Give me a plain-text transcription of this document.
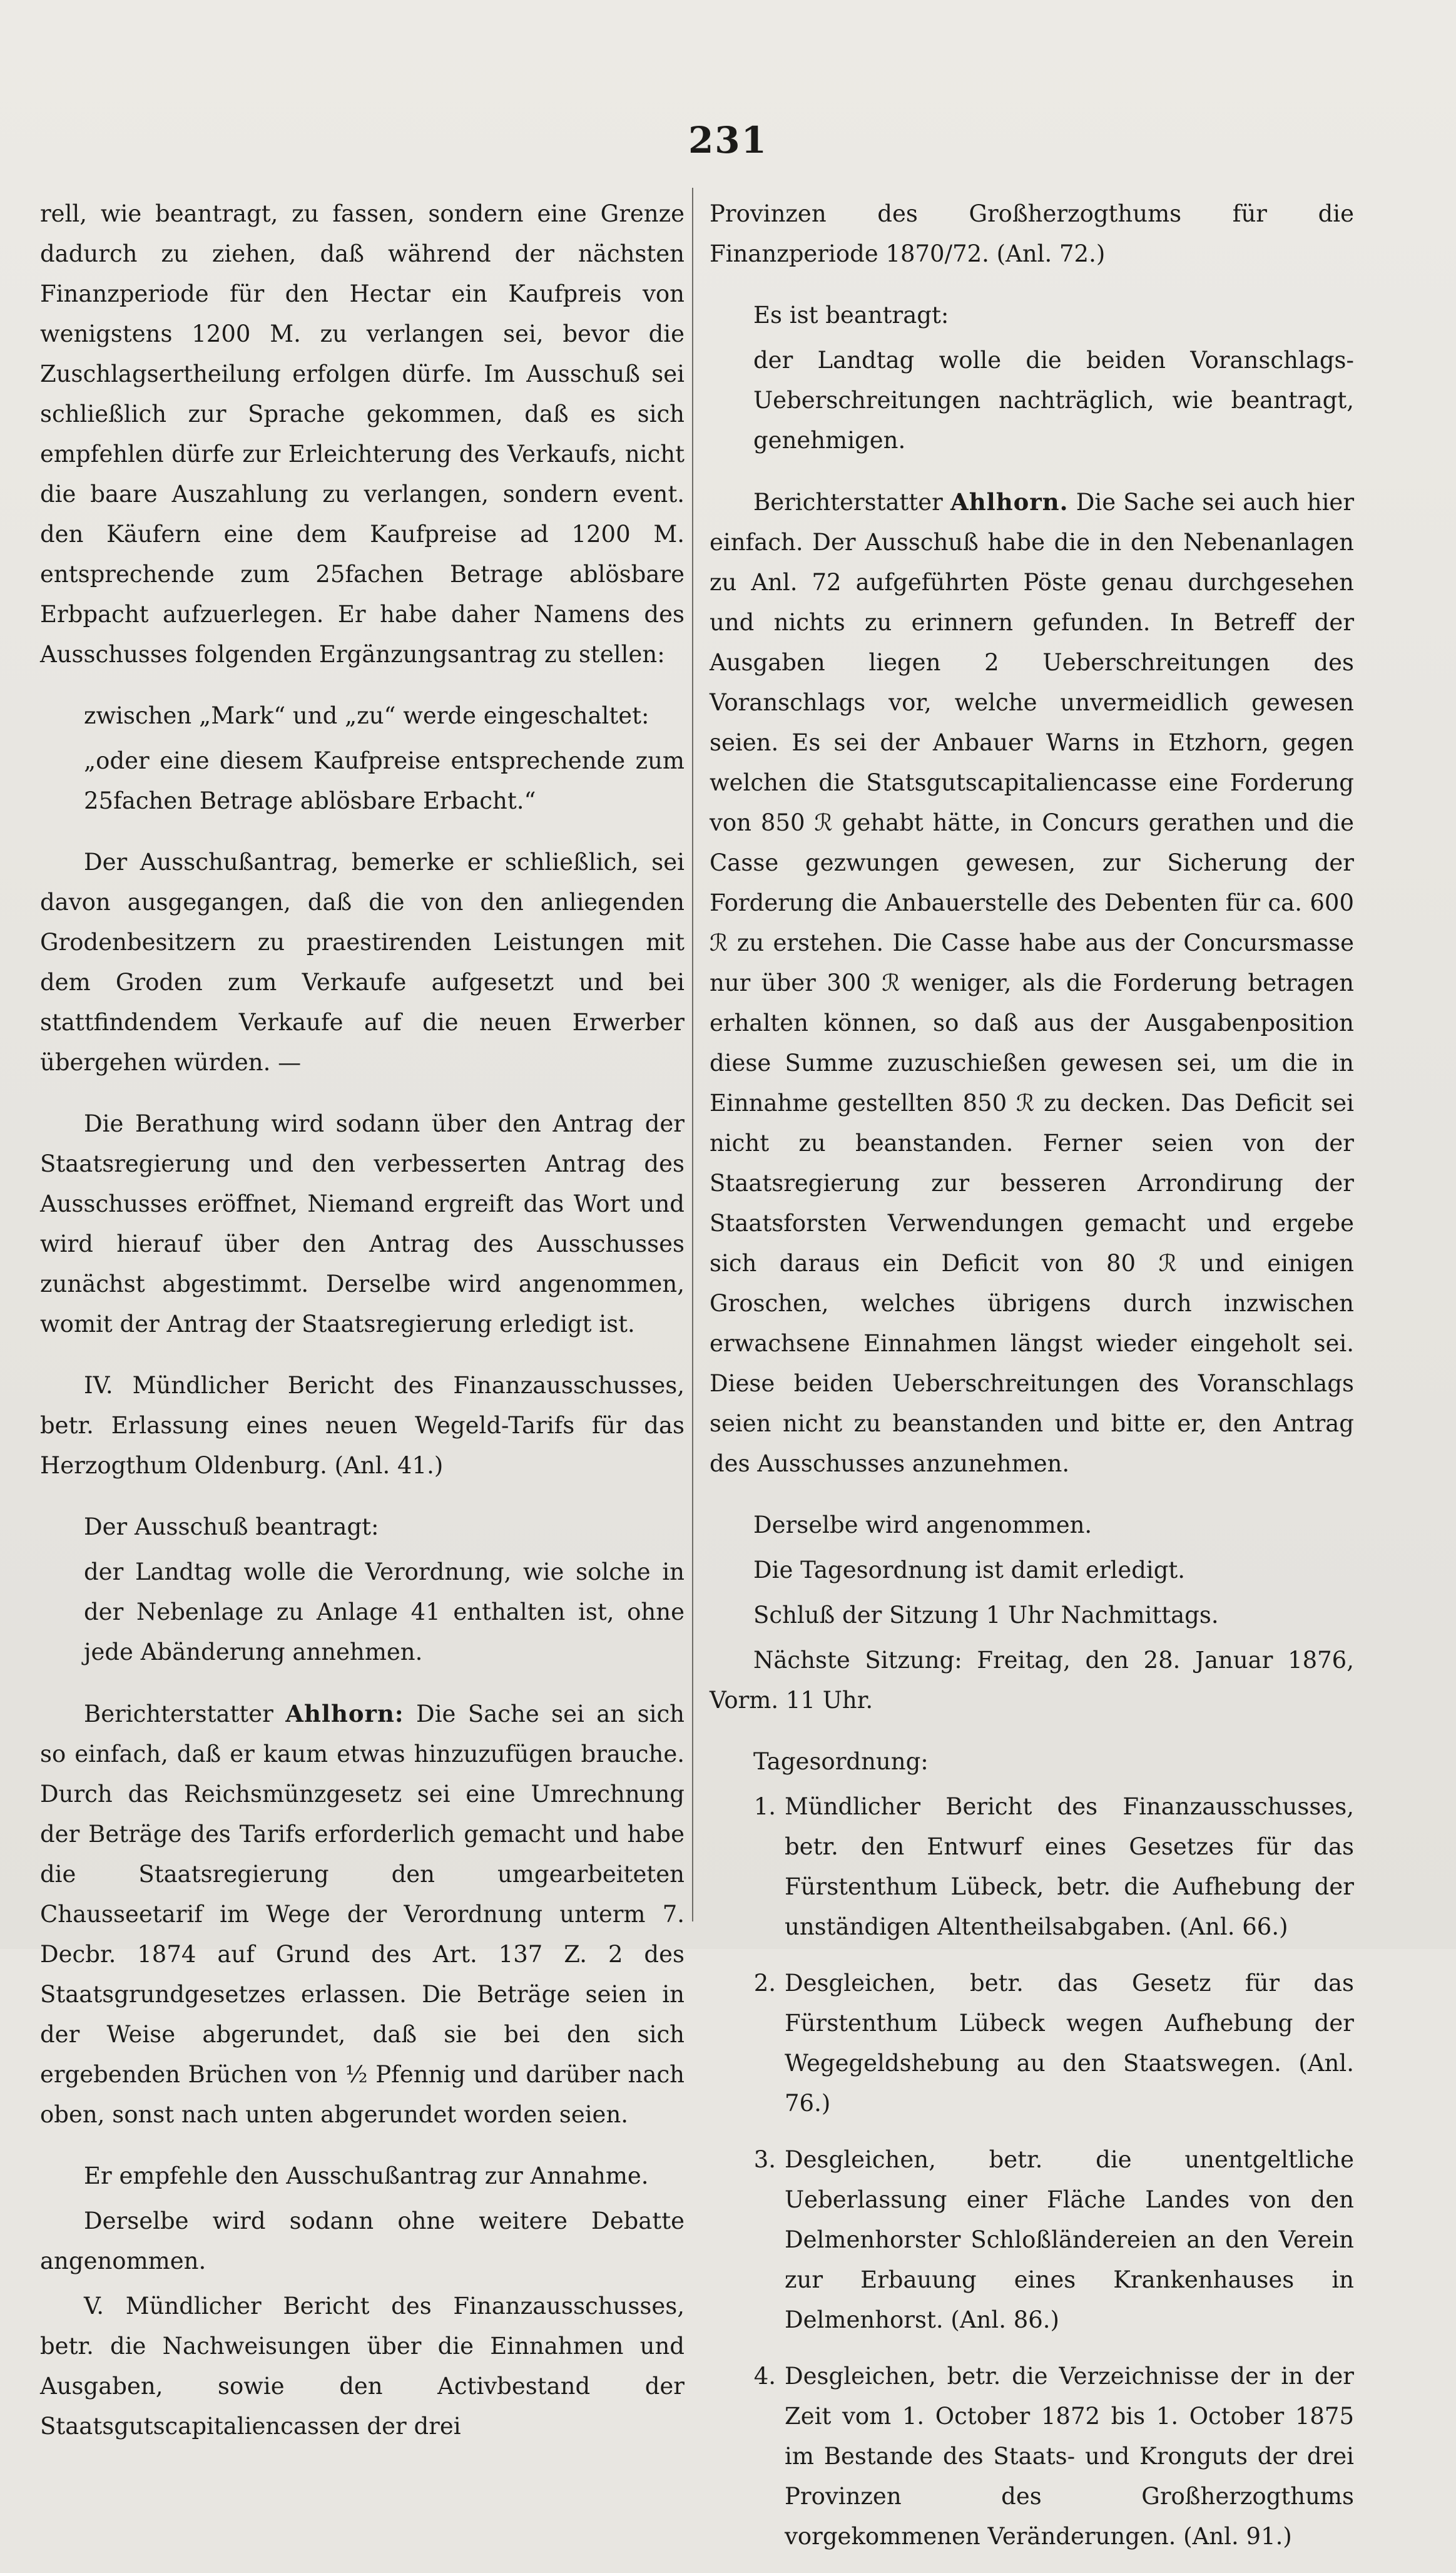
231

rell, wie beantragt, zu fassen, sondern eine Grenze dadurch zu ziehen, daß während der nächsten Finanzperiode für den Hectar ein Kaufpreis von wenigstens 1200 M. zu verlangen sei, bevor die Zuschlagsertheilung erfolgen dürfe. Im Ausschuß sei schließlich zur Sprache gekommen, daß es sich empfehlen dürfe zur Erleichterung des Verkaufs, nicht die baare Auszahlung zu verlangen, sondern event. den Käufern eine dem Kaufpreise ad 1200 M. entsprechende zum 25fachen Betrage ablösbare Erbpacht aufzuerlegen. Er habe daher Namens des Ausschusses folgenden Ergänzungsantrag zu stellen:

zwischen „Mark“ und „zu“ werde eingeschaltet:

„oder eine diesem Kaufpreise entsprechende zum 25fachen Betrage ablösbare Erbacht.“

Der Ausschußantrag, bemerke er schließlich, sei davon ausgegangen, daß die von den anliegenden Grodenbesitzern zu praestirenden Leistungen mit dem Groden zum Verkaufe aufgesetzt und bei stattfindendem Verkaufe auf die neuen Erwerber übergehen würden. —

Die Berathung wird sodann über den Antrag der Staatsregierung und den verbesserten Antrag des Ausschusses eröffnet, Niemand ergreift das Wort und wird hierauf über den Antrag des Ausschusses zunächst abgestimmt. Derselbe wird angenommen, womit der Antrag der Staatsregierung erledigt ist.

IV. Mündlicher Bericht des Finanzausschusses, betr. Erlassung eines neuen Wegeld-Tarifs für das Herzogthum Oldenburg. (Anl. 41.)

Der Ausschuß beantragt:

der Landtag wolle die Verordnung, wie solche in der Nebenlage zu Anlage 41 enthalten ist, ohne jede Abänderung annehmen.

Berichterstatter Ahlhorn: Die Sache sei an sich so einfach, daß er kaum etwas hinzuzufügen brauche. Durch das Reichsmünzgesetz sei eine Umrechnung der Beträge des Tarifs erforderlich gemacht und habe die Staatsregierung den umgearbeiteten Chausseetarif im Wege der Verordnung unterm 7. Decbr. 1874 auf Grund des Art. 137 Z. 2 des Staatsgrundgesetzes erlassen. Die Beträge seien in der Weise abgerundet, daß sie bei den sich ergebenden Brüchen von ½ Pfennig und darüber nach oben, sonst nach unten abgerundet worden seien.

Er empfehle den Ausschußantrag zur Annahme.

Derselbe wird sodann ohne weitere Debatte angenommen.

V. Mündlicher Bericht des Finanzausschusses, betr. die Nachweisungen über die Einnahmen und Ausgaben, sowie den Activbestand der Staatsgutscapitaliencassen der drei

Provinzen des Großherzogthums für die Finanzperiode 1870/72. (Anl. 72.)

Es ist beantragt:

der Landtag wolle die beiden Voranschlags-Ueberschreitungen nachträglich, wie beantragt, genehmigen.

Berichterstatter Ahlhorn. Die Sache sei auch hier einfach. Der Ausschuß habe die in den Nebenanlagen zu Anl. 72 aufgeführten Pöste genau durchgesehen und nichts zu erinnern gefunden. In Betreff der Ausgaben liegen 2 Ueberschreitungen des Voranschlags vor, welche unvermeidlich gewesen seien. Es sei der Anbauer Warns in Etzhorn, gegen welchen die Statsgutscapitaliencasse eine Forderung von 850 ℛ gehabt hätte, in Concurs gerathen und die Casse gezwungen gewesen, zur Sicherung der Forderung die Anbauerstelle des Debenten für ca. 600 ℛ zu erstehen. Die Casse habe aus der Concursmasse nur über 300 ℛ weniger, als die Forderung betragen erhalten können, so daß aus der Ausgabenposition diese Summe zuzuschießen gewesen sei, um die in Einnahme gestellten 850 ℛ zu decken. Das Deficit sei nicht zu beanstanden. Ferner seien von der Staatsregierung zur besseren Arrondirung der Staatsforsten Verwendungen gemacht und ergebe sich daraus ein Deficit von 80 ℛ und einigen Groschen, welches übrigens durch inzwischen erwachsene Einnahmen längst wieder eingeholt sei. Diese beiden Ueberschreitungen des Voranschlags seien nicht zu beanstanden und bitte er, den Antrag des Ausschusses anzunehmen.

Derselbe wird angenommen.

Die Tagesordnung ist damit erledigt.

Schluß der Sitzung 1 Uhr Nachmittags.

Nächste Sitzung: Freitag, den 28. Januar 1876, Vorm. 11 Uhr.

Tagesordnung:

1. Mündlicher Bericht des Finanzausschusses, betr. den Entwurf eines Gesetzes für das Fürstenthum Lübeck, betr. die Aufhebung der unständigen Altentheilsabgaben. (Anl. 66.)
2. Desgleichen, betr. das Gesetz für das Fürstenthum Lübeck wegen Aufhebung der Wegegeldshebung au den Staatswegen. (Anl. 76.)
3. Desgleichen, betr. die unentgeltliche Ueberlassung einer Fläche Landes von den Delmenhorster Schloßländereien an den Verein zur Erbauung eines Krankenhauses in Delmenhorst. (Anl. 86.)
4. Desgleichen, betr. die Verzeichnisse der in der Zeit vom 1. October 1872 bis 1. October 1875 im Bestande des Staats- und Kronguts der drei Provinzen des Großherzogthums vorgekommenen Veränderungen. (Anl. 91.)
